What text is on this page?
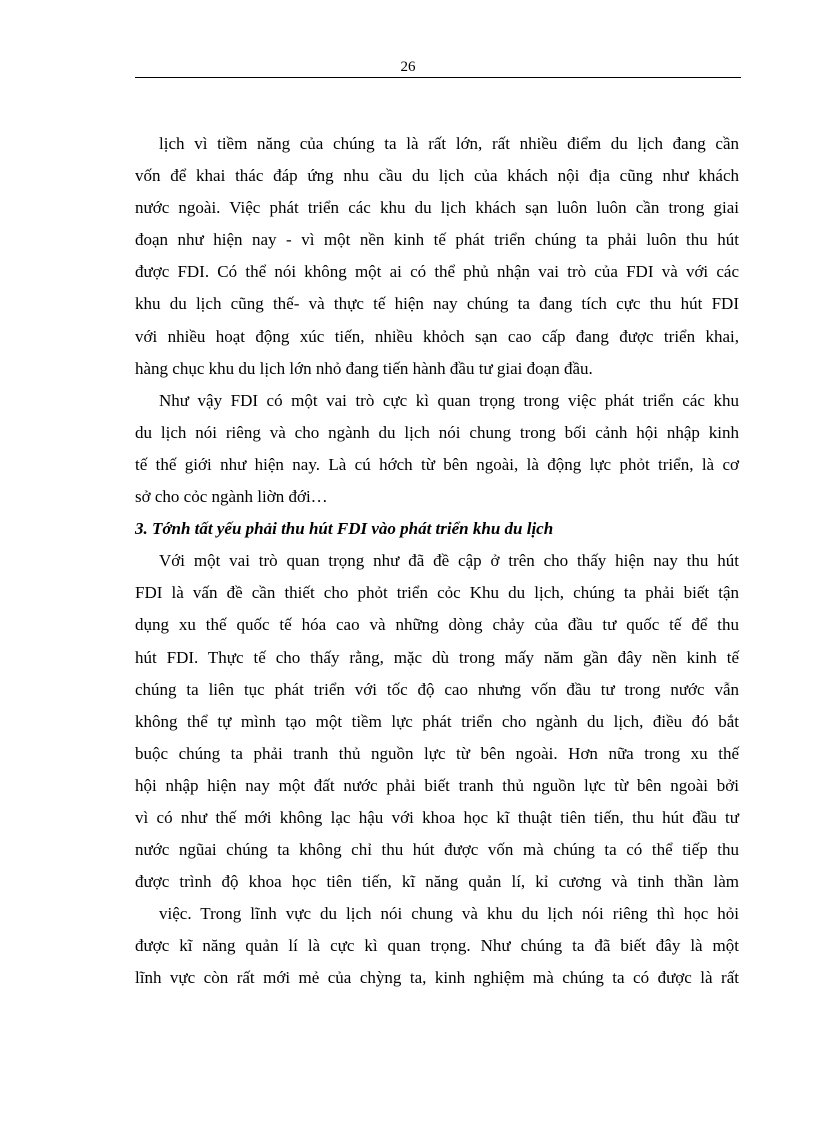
26
lịch vì tiềm năng của chúng ta là rất lớn, rất nhiều điểm du lịch đang cần
vốn để khai thác đáp ứng nhu cầu du lịch của khách nội địa cũng như khách
nước ngoài. Việc phát triển các khu du lịch khách sạn luôn luôn cần trong giai
đoạn như hiện nay - vì một nền kinh tế phát triển chúng ta phải luôn thu hút
được FDI. Có thể nói không một ai có thể phủ nhận vai trò của FDI và với các
khu du lịch cũng thế- và thực tế hiện nay chúng ta đang tích cực thu hút FDI
với nhiều hoạt động xúc tiến, nhiều khỏch sạn cao cấp đang được triển khai,
hàng chục khu du lịch lớn nhỏ đang tiến hành đầu tư giai đoạn đầu.
Như vậy FDI có một vai trò cực kì quan trọng trong việc phát triển các khu
du lịch nói riêng và cho ngành du lịch nói chung trong bối cảnh hội nhập kinh
tế thế giới như hiện nay. Là cú hớch từ bên ngoài, là động lực phỏt triển, là cơ
sở cho cỏc ngành liờn đới…
3. Tớnh tất yếu phải thu hút FDI vào phát triển khu du lịch
Với một vai trò quan trọng như đã đề cập ở trên cho thấy hiện nay thu hút
FDI là vấn đề cần thiết cho phỏt triển cỏc Khu du lịch, chúng ta phải biết tận
dụng xu thế quốc tế hóa cao và những dòng chảy của đầu tư quốc tế để thu
hút FDI. Thực tế cho thấy rằng, mặc dù trong mấy năm gần đây nền kinh tế
chúng ta liên tục phát triển với tốc độ cao nhưng vốn đầu tư trong nước vẫn
không thể tự mình tạo một tiềm lực phát triển cho ngành du lịch, điều đó bắt
buộc chúng ta phải tranh thủ nguồn lực từ bên ngoài. Hơn nữa trong xu thế
hội nhập hiện nay một đất nước phải biết tranh thủ nguồn lực từ bên ngoài bởi
vì có như thế mới không lạc hậu với khoa học kĩ thuật tiên tiến, thu hút đầu tư
nước ngũai chúng ta không chỉ thu hút được vốn mà chúng ta có thể tiếp thu
được trình độ khoa học tiên tiến, kĩ năng quản lí, kỉ cương và tinh thần làm
việc. Trong lĩnh vực du lịch nói chung và khu du lịch nói riêng thì học hỏi
được kĩ năng quản lí là cực kì quan trọng. Như chúng ta đã biết đây là một
lĩnh vực còn rất mới mẻ của chỳng ta, kinh nghiệm mà chúng ta có được là rất
